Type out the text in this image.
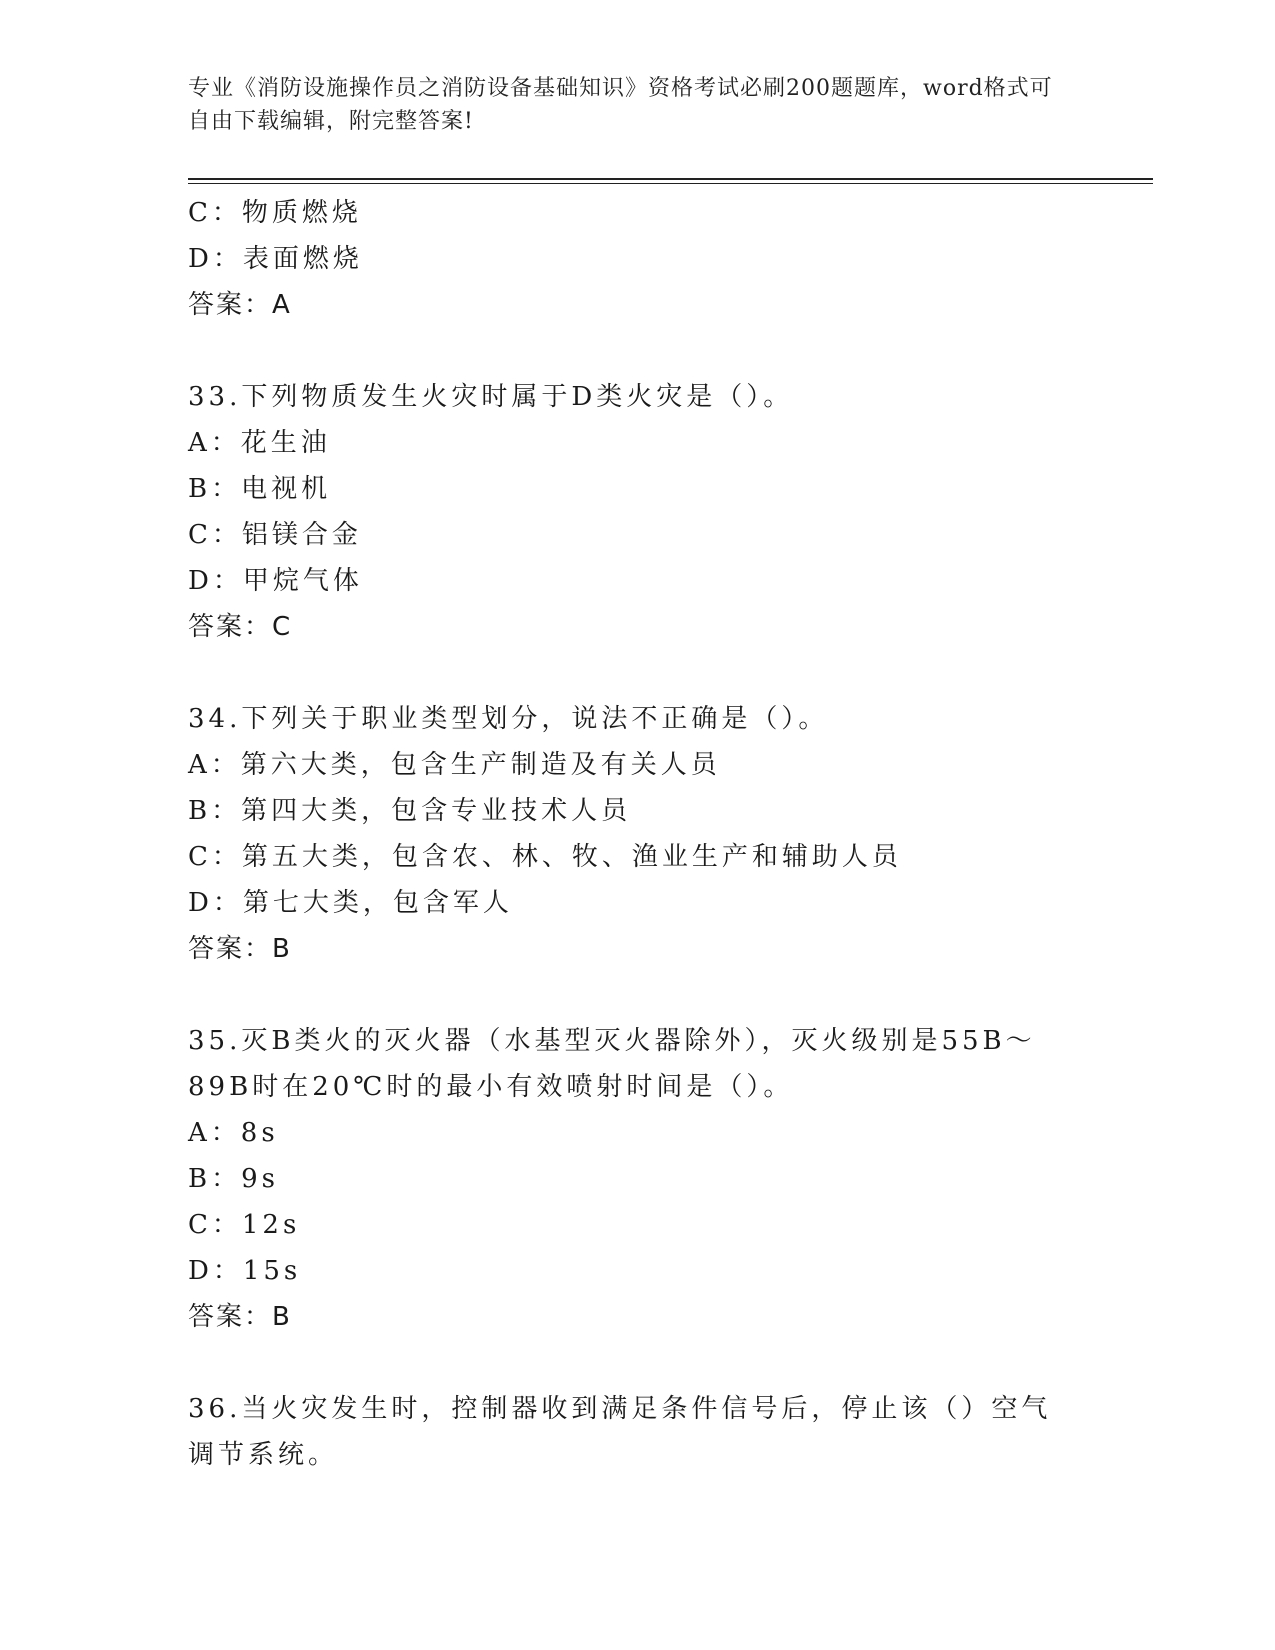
专业《消防设施操作员之消防设备基础知识》资格考试必刷200题题库，word格式可自由下载编辑，附完整答案!
C：物质燃烧
D：表面燃烧
答案：A
33.下列物质发生火灾时属于D类火灾是（）。
A：花生油
B：电视机
C：铝镁合金
D：甲烷气体
答案：C
34.下列关于职业类型划分，说法不正确是（）。
A：第六大类，包含生产制造及有关人员
B：第四大类，包含专业技术人员
C：第五大类，包含农、林、牧、渔业生产和辅助人员
D：第七大类，包含军人
答案：B
35.灭B类火的灭火器（水基型灭火器除外），灭火级别是55B～89B时在20℃时的最小有效喷射时间是（）。
A：8s
B：9s
C：12s
D：15s
答案：B
36.当火灾发生时，控制器收到满足条件信号后，停止该（）空气调节系统。
